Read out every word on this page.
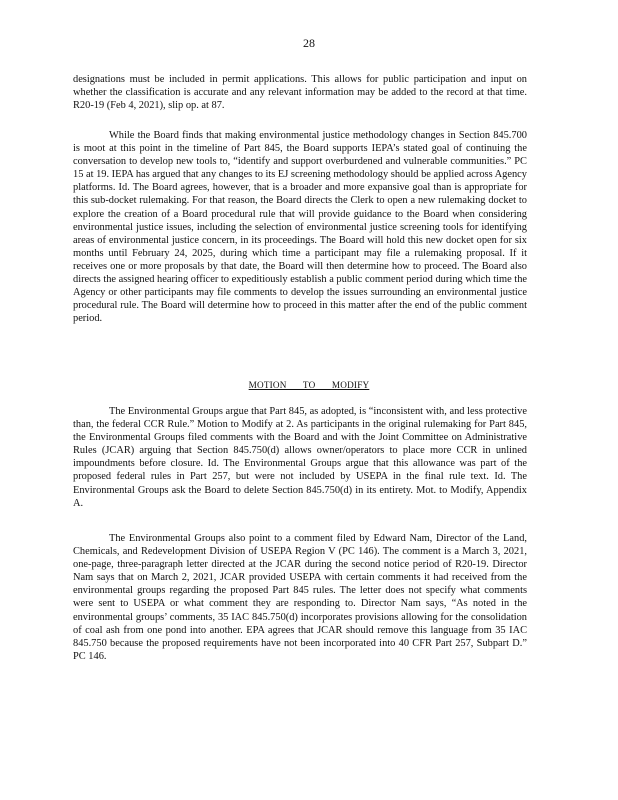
28

designations must be included in permit applications. This allows for public participation and input on whether the classification is accurate and any relevant information may be added to the record at that time. R20-19 (Feb 4, 2021), slip op. at 87.

While the Board finds that making environmental justice methodology changes in Section 845.700 is moot at this point in the timeline of Part 845, the Board supports IEPA’s stated goal of continuing the conversation to develop new tools to, “identify and support overburdened and vulnerable communities.” PC 15 at 19. IEPA has argued that any changes to its EJ screening methodology should be applied across Agency platforms. Id. The Board agrees, however, that is a broader and more expansive goal than is appropriate for this sub-docket rulemaking. For that reason, the Board directs the Clerk to open a new rulemaking docket to explore the creation of a Board procedural rule that will provide guidance to the Board when considering environmental justice issues, including the selection of environmental justice screening tools for identifying areas of environmental justice concern, in its proceedings. The Board will hold this new docket open for six months until February 24, 2025, during which time a participant may file a rulemaking proposal. If it receives one or more proposals by that date, the Board will then determine how to proceed. The Board also directs the assigned hearing officer to expeditiously establish a public comment period during which time the Agency or other participants may file comments to develop the issues surrounding an environmental justice procedural rule. The Board will determine how to proceed in this matter after the end of the public comment period.

MOTION TO MODIFY

The Environmental Groups argue that Part 845, as adopted, is “inconsistent with, and less protective than, the federal CCR Rule.” Motion to Modify at 2. As participants in the original rulemaking for Part 845, the Environmental Groups filed comments with the Board and with the Joint Committee on Administrative Rules (JCAR) arguing that Section 845.750(d) allows owner/operators to place more CCR in unlined impoundments before closure. Id. The Environmental Groups argue that this allowance was part of the proposed federal rules in Part 257, but were not included by USEPA in the final rule text. Id. The Environmental Groups ask the Board to delete Section 845.750(d) in its entirety. Mot. to Modify, Appendix A.

The Environmental Groups also point to a comment filed by Edward Nam, Director of the Land, Chemicals, and Redevelopment Division of USEPA Region V (PC 146). The comment is a March 3, 2021, one-page, three-paragraph letter directed at the JCAR during the second notice period of R20-19. Director Nam says that on March 2, 2021, JCAR provided USEPA with certain comments it had received from the environmental groups regarding the proposed Part 845 rules. The letter does not specify what comments were sent to USEPA or what comment they are responding to. Director Nam says, “As noted in the environmental groups’ comments, 35 IAC 845.750(d) incorporates provisions allowing for the consolidation of coal ash from one pond into another. EPA agrees that JCAR should remove this language from 35 IAC 845.750 because the proposed requirements have not been incorporated into 40 CFR Part 257, Subpart D.” PC 146.
